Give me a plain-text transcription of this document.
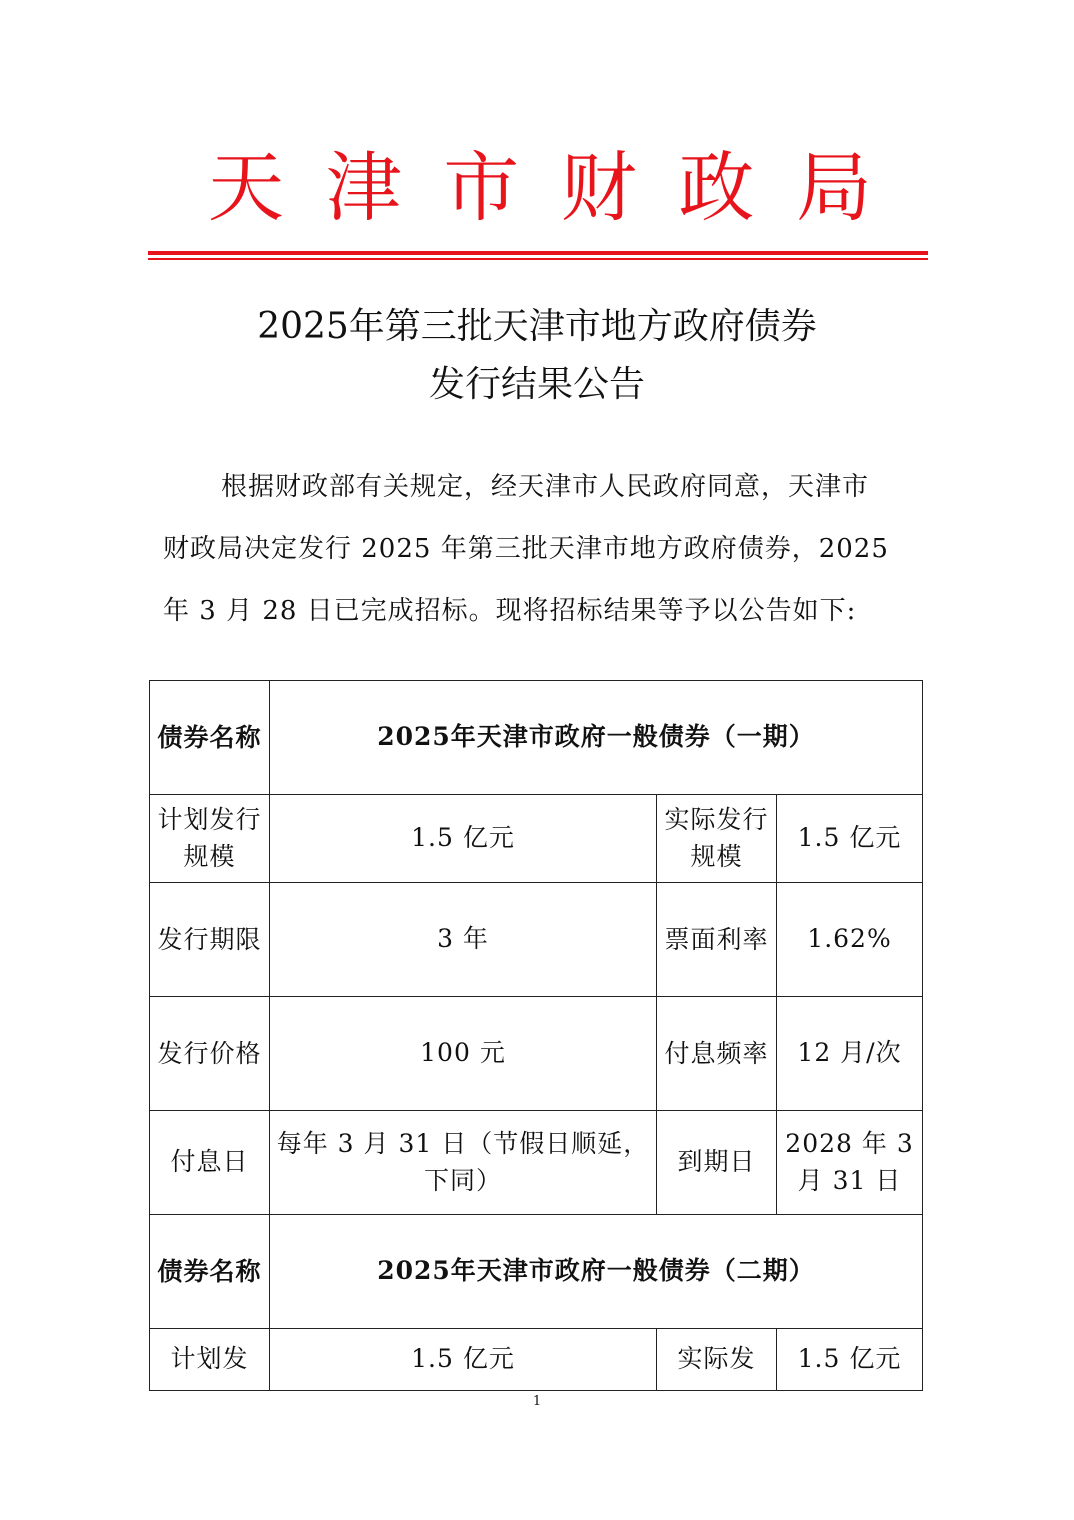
天 津 市 财 政 局
2025年第三批天津市地方政府债券
发行结果公告

根据财政部有关规定，经天津市人民政府同意，天津市

财政局决定发行 2025 年第三批天津市地方政府债券，2025

年 3 月 28 日已完成招标。现将招标结果等予以公告如下:

债券名称	2025年天津市政府一般债券（一期）		
计划发行规模	1.5 亿元	实际发行规模	1.5 亿元
发行期限	3 年	票面利率	1.62%
发行价格	100 元	付息频率	12 月/次
付息日	每年 3 月 31 日（节假日顺延，下同）	到期日	2028 年 3 月 31 日
债券名称	2025年天津市政府一般债券（二期）		
计划发	1.5 亿元	实际发	1.5 亿元
1
